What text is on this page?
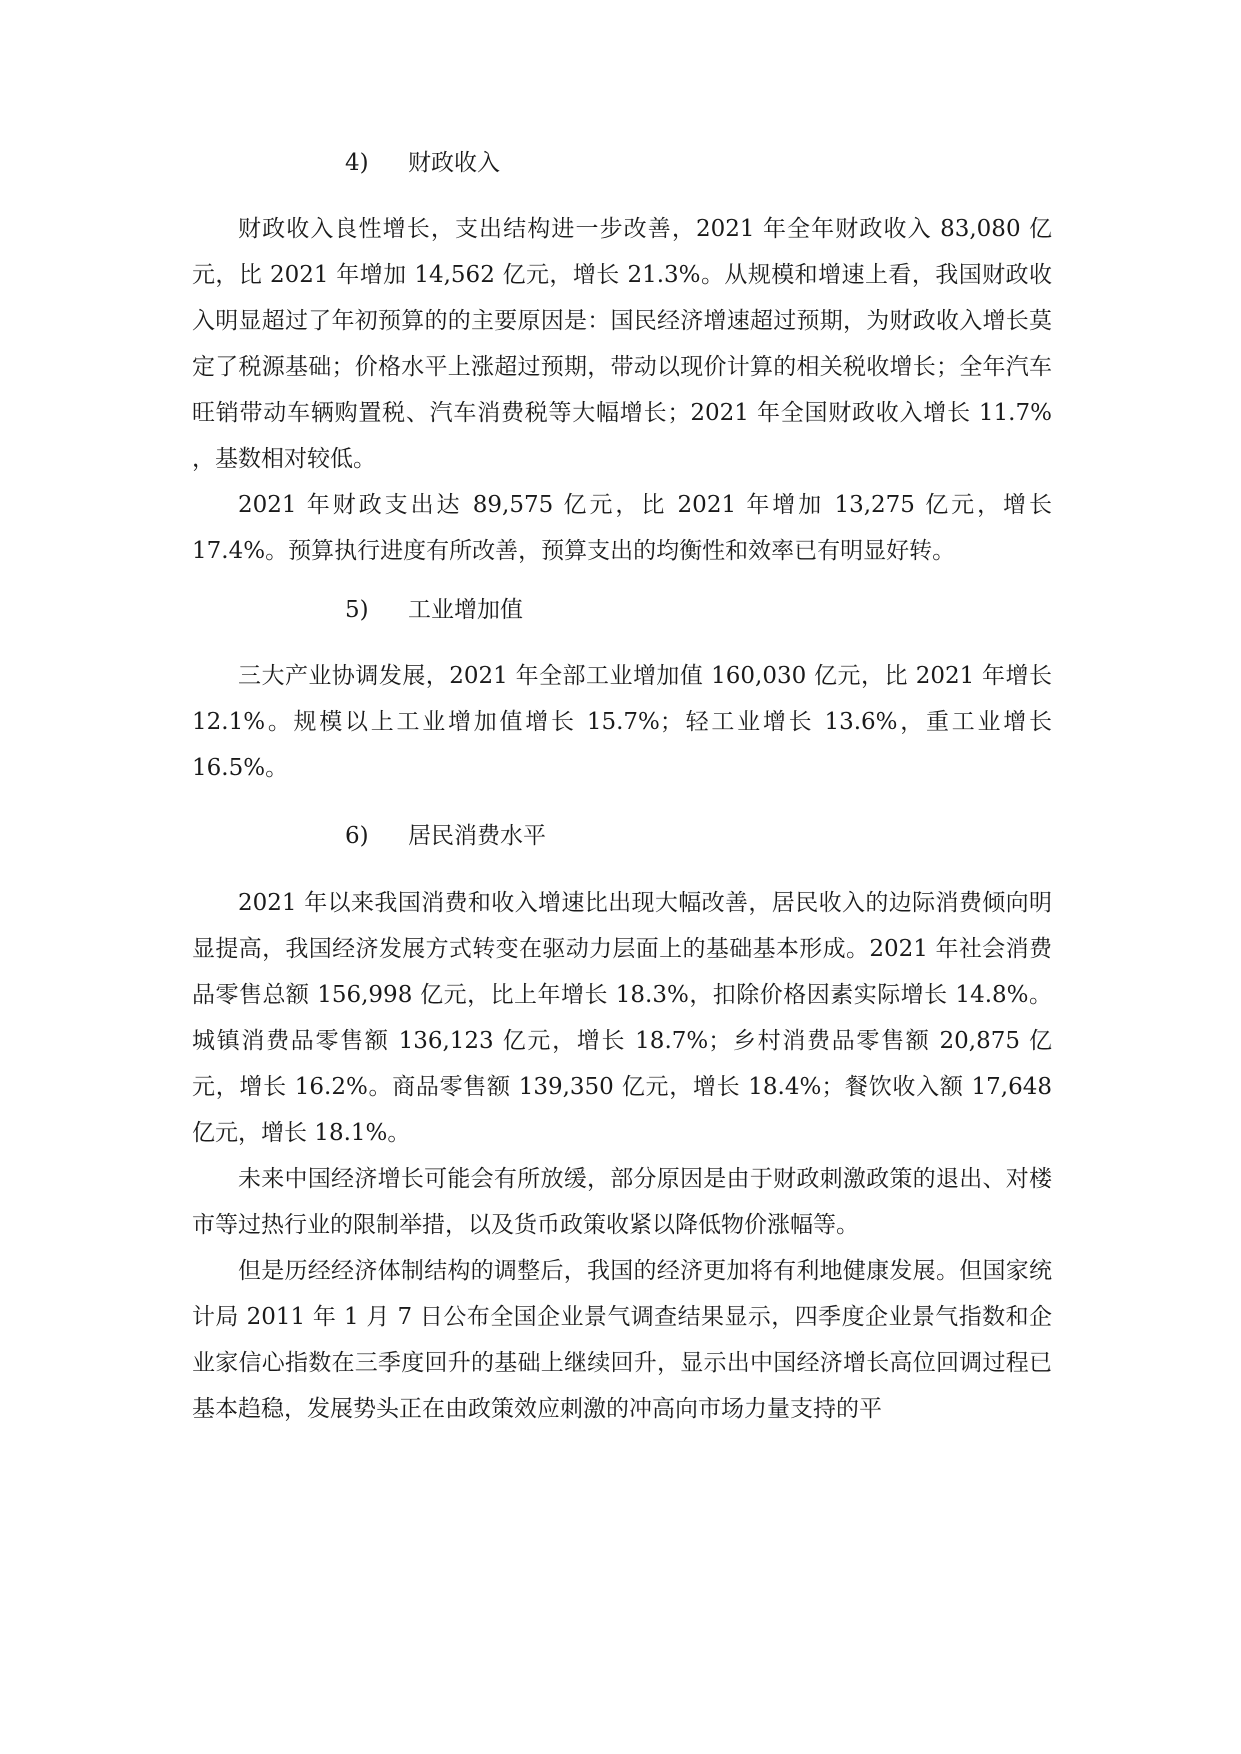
4) 财政收入

财政收入良性增长，支出结构进一步改善，2021 年全年财政收入 83,080 亿元，比 2021 年增加 14,562 亿元，增长 21.3%。从规模和增速上看，我国财政收入明显超过了年初预算的的主要原因是：国民经济增速超过预期，为财政收入增长莫定了税源基础；价格水平上涨超过预期，带动以现价计算的相关税收增长；全年汽车旺销带动车辆购置税、汽车消费税等大幅增长；2021 年全国财政收入增长 11.7% ，基数相对较低。

2021 年财政支出达 89,575 亿元，比 2021 年增加 13,275 亿元，增长 17.4%。预算执行进度有所改善，预算支出的均衡性和效率已有明显好转。

5) 工业增加值

三大产业协调发展，2021 年全部工业增加值 160,030 亿元，比 2021 年增长 12.1%。规模以上工业增加值增长 15.7%；轻工业增长 13.6%，重工业增长 16.5%。

6) 居民消费水平

2021 年以来我国消费和收入增速比出现大幅改善，居民收入的边际消费倾向明显提高，我国经济发展方式转变在驱动力层面上的基础基本形成。2021 年社会消费品零售总额 156,998 亿元，比上年增长 18.3%，扣除价格因素实际增长 14.8%。城镇消费品零售额 136,123 亿元，增长 18.7%；乡村消费品零售额 20,875 亿元，增长 16.2%。商品零售额 139,350 亿元，增长 18.4%；餐饮收入额 17,648 亿元，增长 18.1%。

未来中国经济增长可能会有所放缓，部分原因是由于财政刺激政策的退出、对楼市等过热行业的限制举措，以及货币政策收紧以降低物价涨幅等。

但是历经经济体制结构的调整后，我国的经济更加将有利地健康发展。但国家统计局 2011 年 1 月 7 日公布全国企业景气调查结果显示，四季度企业景气指数和企业家信心指数在三季度回升的基础上继续回升，显示出中国经济增长高位回调过程已基本趋稳，发展势头正在由政策效应刺激的冲高向市场力量支持的平
